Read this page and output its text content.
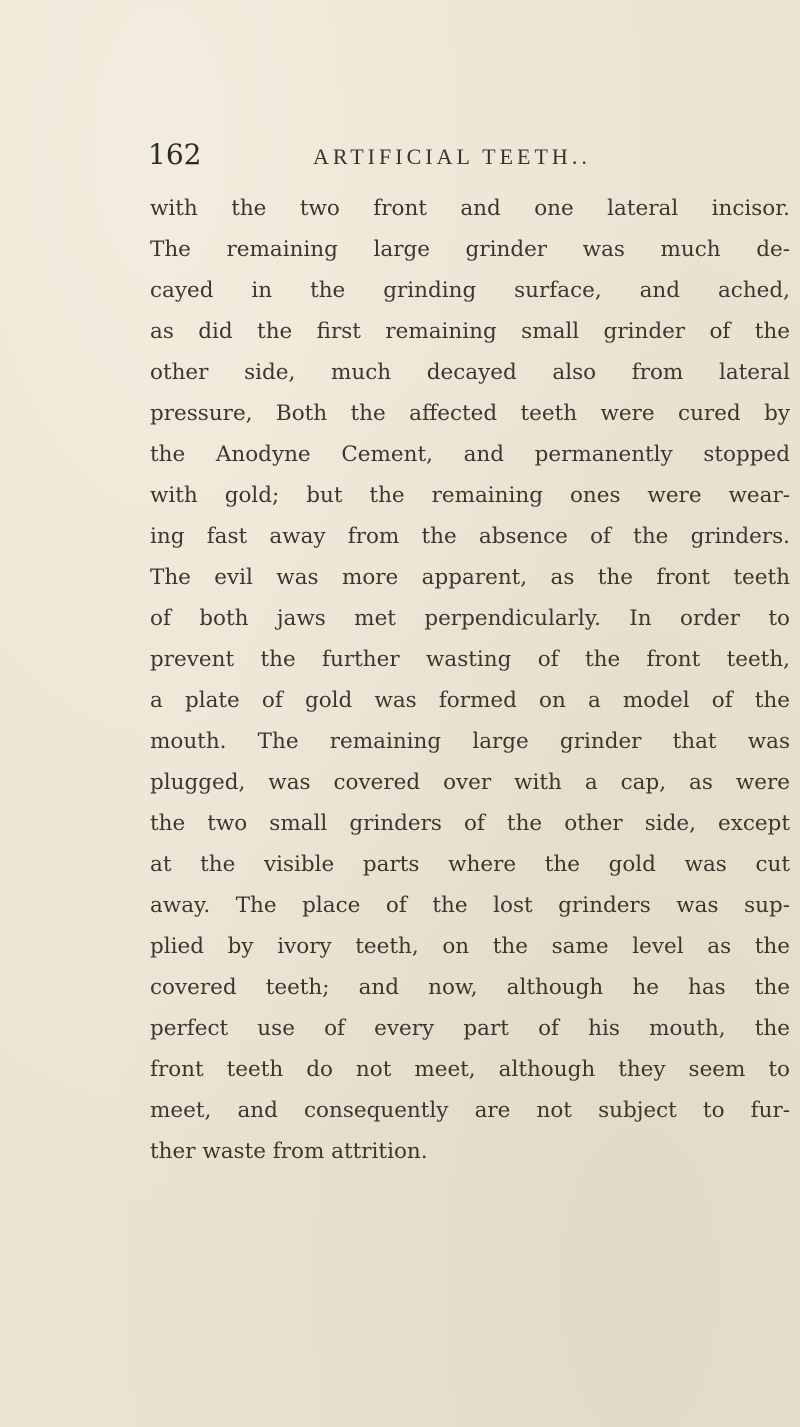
162	ARTIFICIAL TEETH..
with the two front and one lateral incisor.
The remaining large grinder was much de-
cayed in the grinding surface, and ached,
as did the first remaining small grinder of the
other side, much decayed also from lateral
pressure, Both the affected teeth were cured by
the Anodyne Cement, and permanently stopped
with gold; but the remaining ones were wear-
ing fast away from the absence of the grinders.
The evil was more apparent, as the front teeth
of both jaws met perpendicularly. In order to
prevent the further wasting of the front teeth,
a plate of gold was formed on a model of the
mouth. The remaining large grinder that was
plugged, was covered over with a cap, as were
the two small grinders of the other side, except
at the visible parts where the gold was cut
away. The place of the lost grinders was sup-
plied by ivory teeth, on the same level as the
covered teeth; and now, although he has the
perfect use of every part of his mouth, the
front teeth do not meet, although they seem to
meet, and consequently are not subject to fur-
ther waste from attrition.
